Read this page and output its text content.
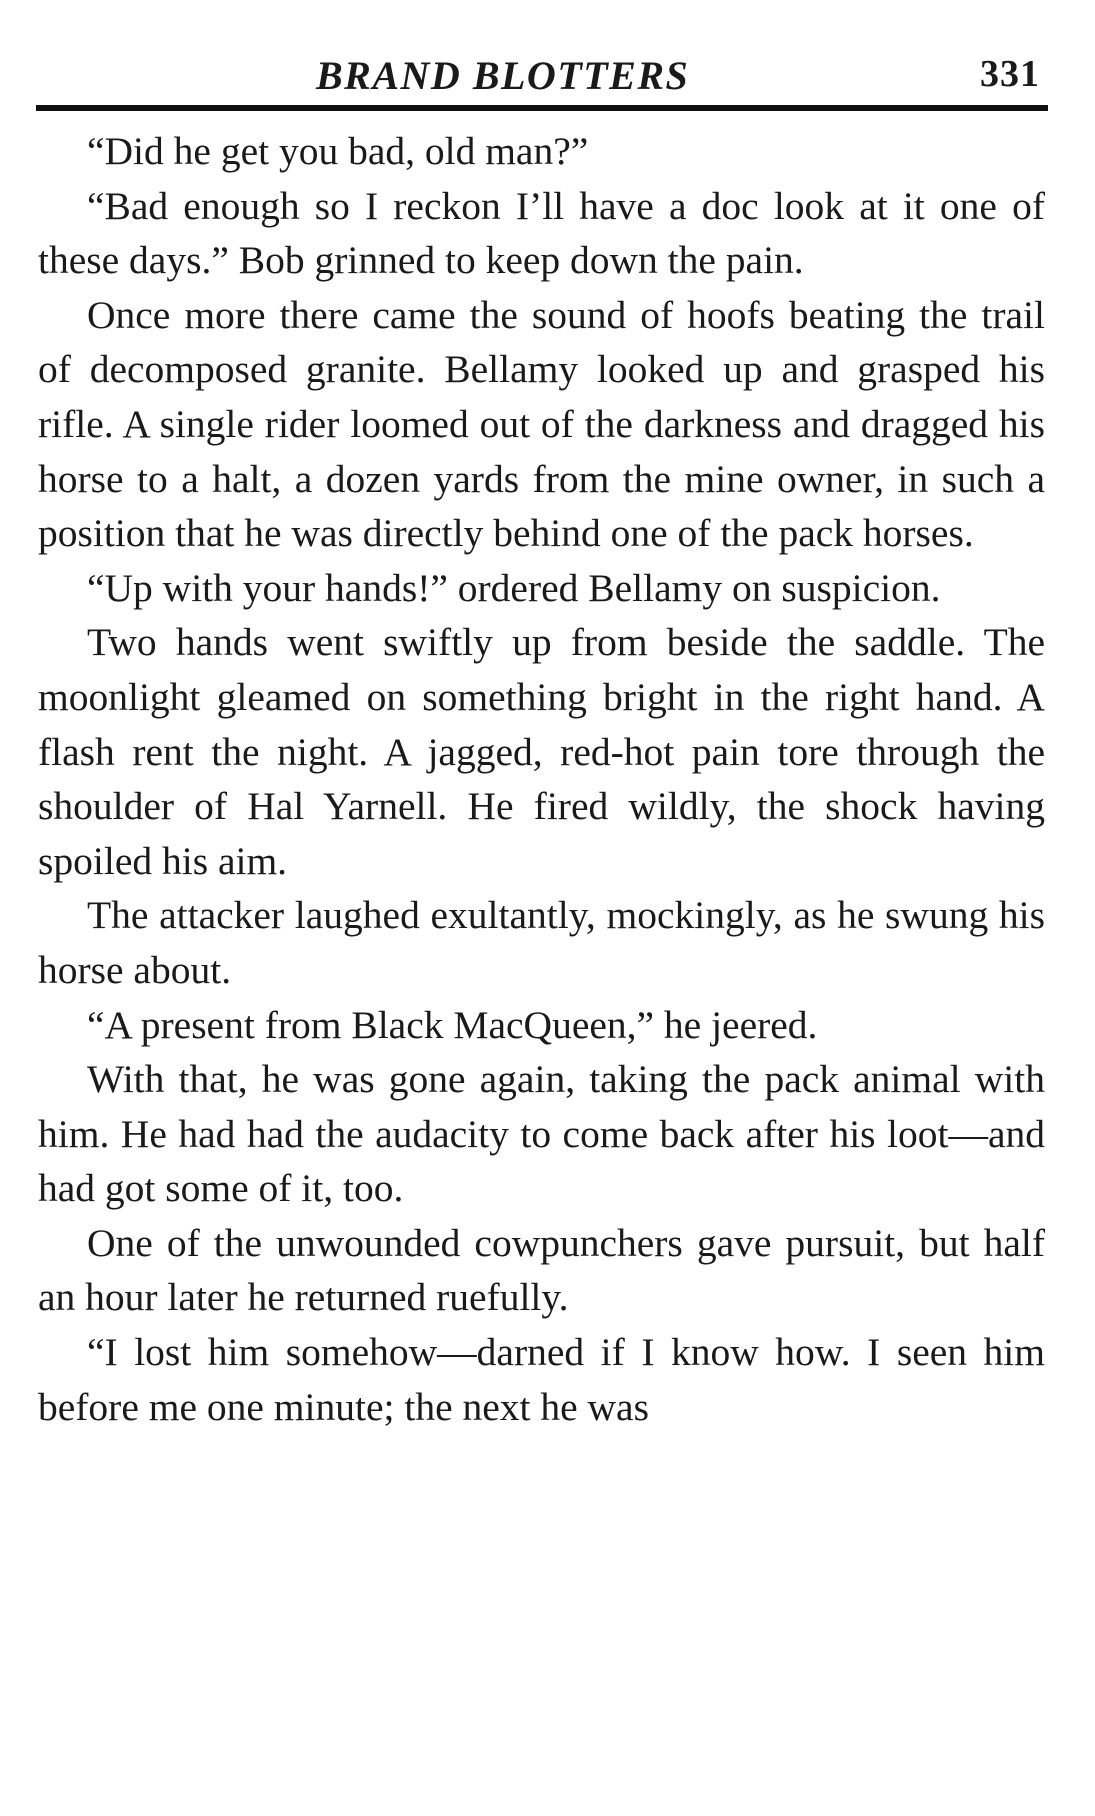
BRAND BLOTTERS	331

“Did he get you bad, old man?”

“Bad enough so I reckon I’ll have a doc look at it one of these days.” Bob grinned to keep down the pain.

Once more there came the sound of hoofs beating the trail of decomposed granite. Bellamy looked up and grasped his rifle. A single rider loomed out of the darkness and dragged his horse to a halt, a dozen yards from the mine owner, in such a position that he was directly behind one of the pack horses.

“Up with your hands!” ordered Bellamy on suspicion.

Two hands went swiftly up from beside the saddle. The moonlight gleamed on something bright in the right hand. A flash rent the night. A jagged, red-hot pain tore through the shoulder of Hal Yarnell. He fired wildly, the shock having spoiled his aim.

The attacker laughed exultantly, mockingly, as he swung his horse about.

“A present from Black MacQueen,” he jeered.

With that, he was gone again, taking the pack animal with him. He had had the audacity to come back after his loot—and had got some of it, too.

One of the unwounded cowpunchers gave pursuit, but half an hour later he returned ruefully.

“I lost him somehow—darned if I know how. I seen him before me one minute; the next he was
